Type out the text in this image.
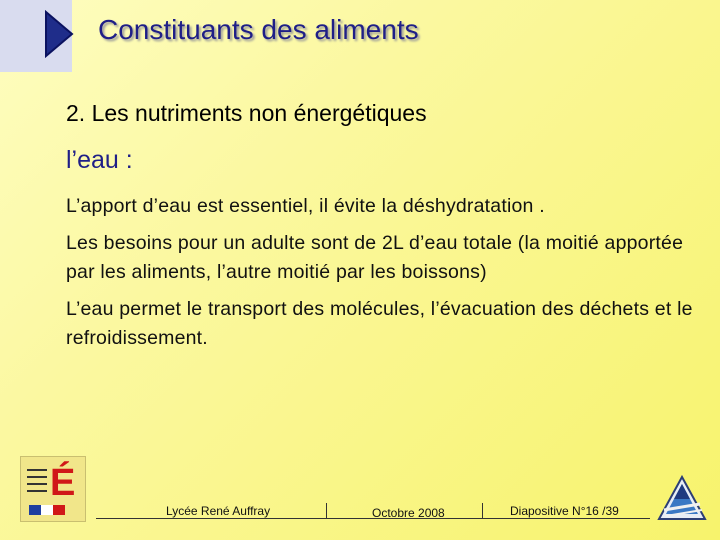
Constituants des aliments
2. Les nutriments non énergétiques
l’eau :

L’apport d’eau est essentiel, il évite la déshydratation .

Les besoins pour un adulte sont de 2L d’eau totale (la moitié apportée par les aliments, l’autre moitié par les boissons)

L’eau permet le transport des molécules, l’évacuation des déchets et le refroidissement.

É
Lycée René Auffray	Octobre 2008	Diapositive N°16 /39
